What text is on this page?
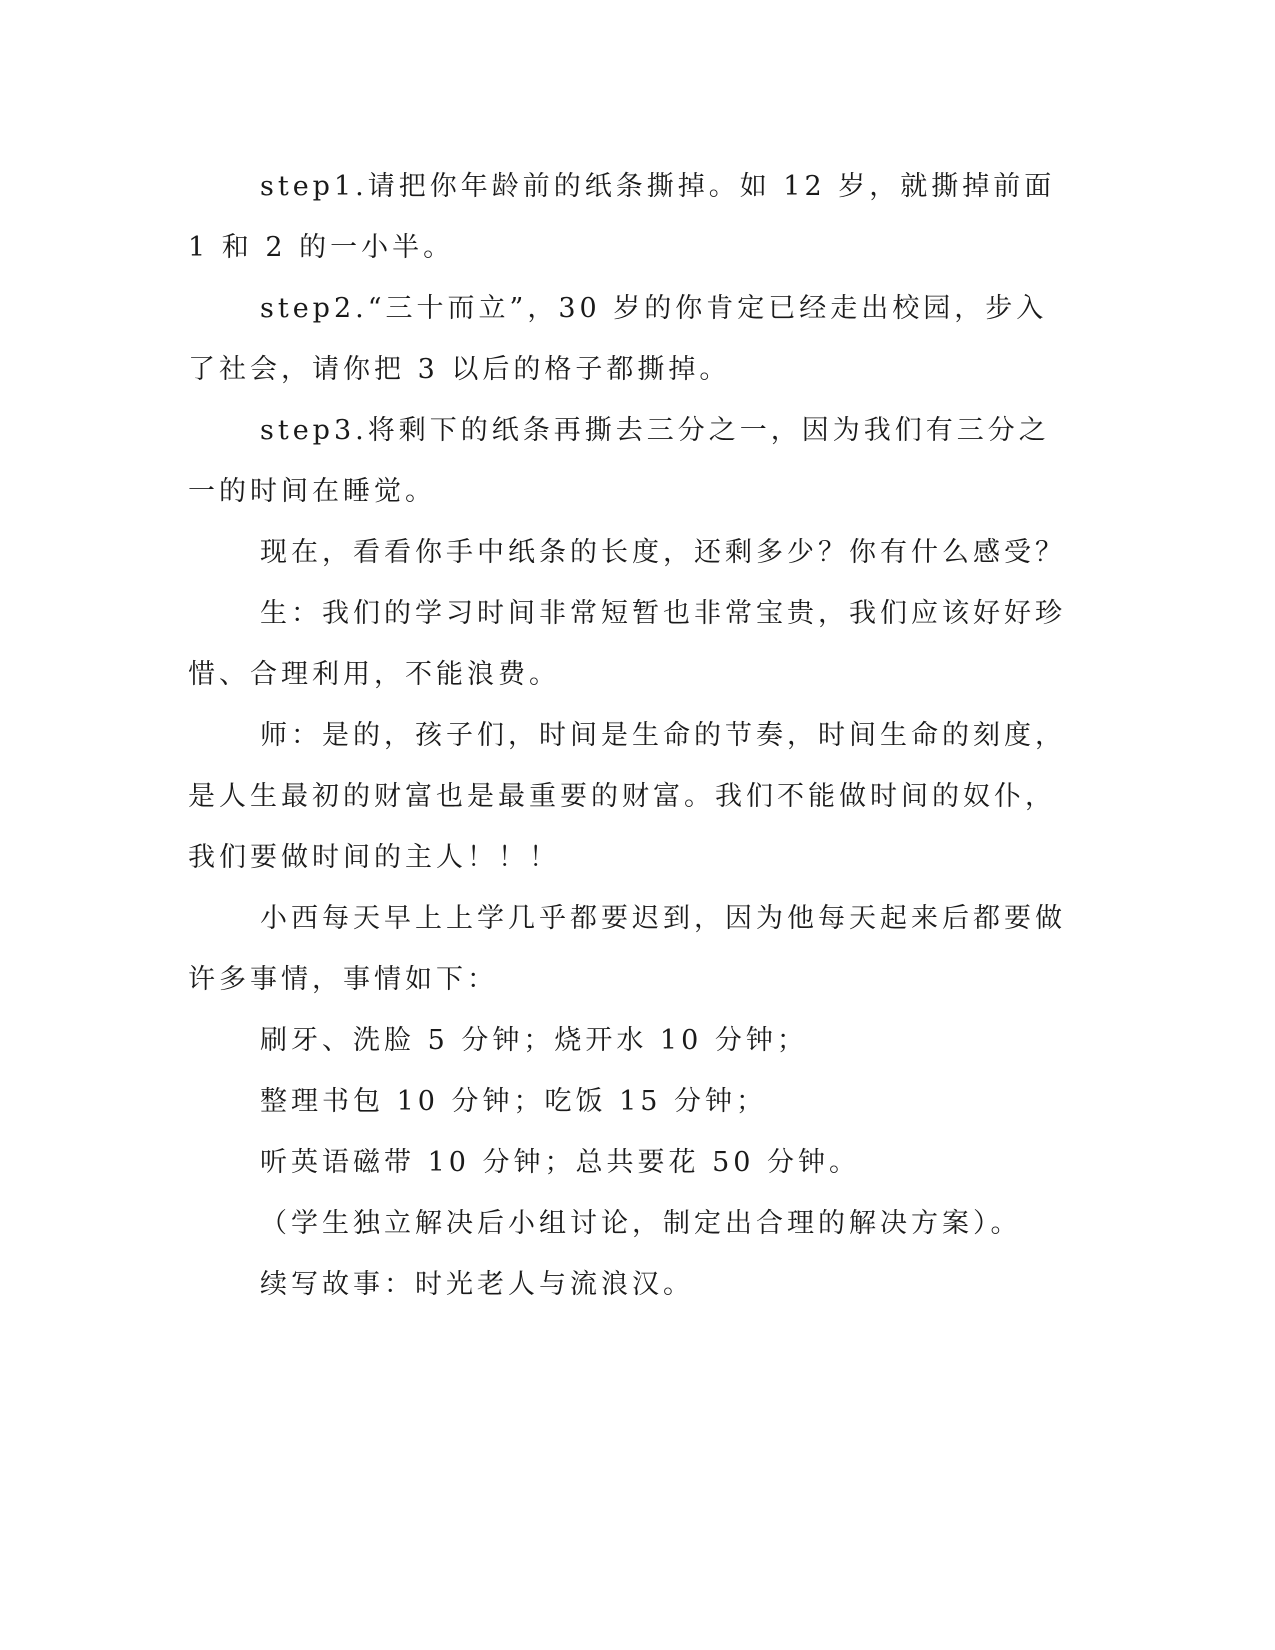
step1.请把你年龄前的纸条撕掉。如 12 岁，就撕掉前面 1 和 2 的一小半。

step2.“三十而立”，30 岁的你肯定已经走出校园，步入了社会，请你把 3 以后的格子都撕掉。

step3.将剩下的纸条再撕去三分之一，因为我们有三分之一的时间在睡觉。

现在，看看你手中纸条的长度，还剩多少？你有什么感受？

生：我们的学习时间非常短暂也非常宝贵，我们应该好好珍惜、合理利用，不能浪费。

师：是的，孩子们，时间是生命的节奏，时间生命的刻度，是人生最初的财富也是最重要的财富。我们不能做时间的奴仆，我们要做时间的主人！！！

小西每天早上上学几乎都要迟到，因为他每天起来后都要做许多事情，事情如下：

刷牙、洗脸 5 分钟；烧开水 10 分钟；

整理书包 10 分钟；吃饭 15 分钟；

听英语磁带 10 分钟；总共要花 50 分钟。

（学生独立解决后小组讨论，制定出合理的解决方案）。

续写故事：时光老人与流浪汉。
